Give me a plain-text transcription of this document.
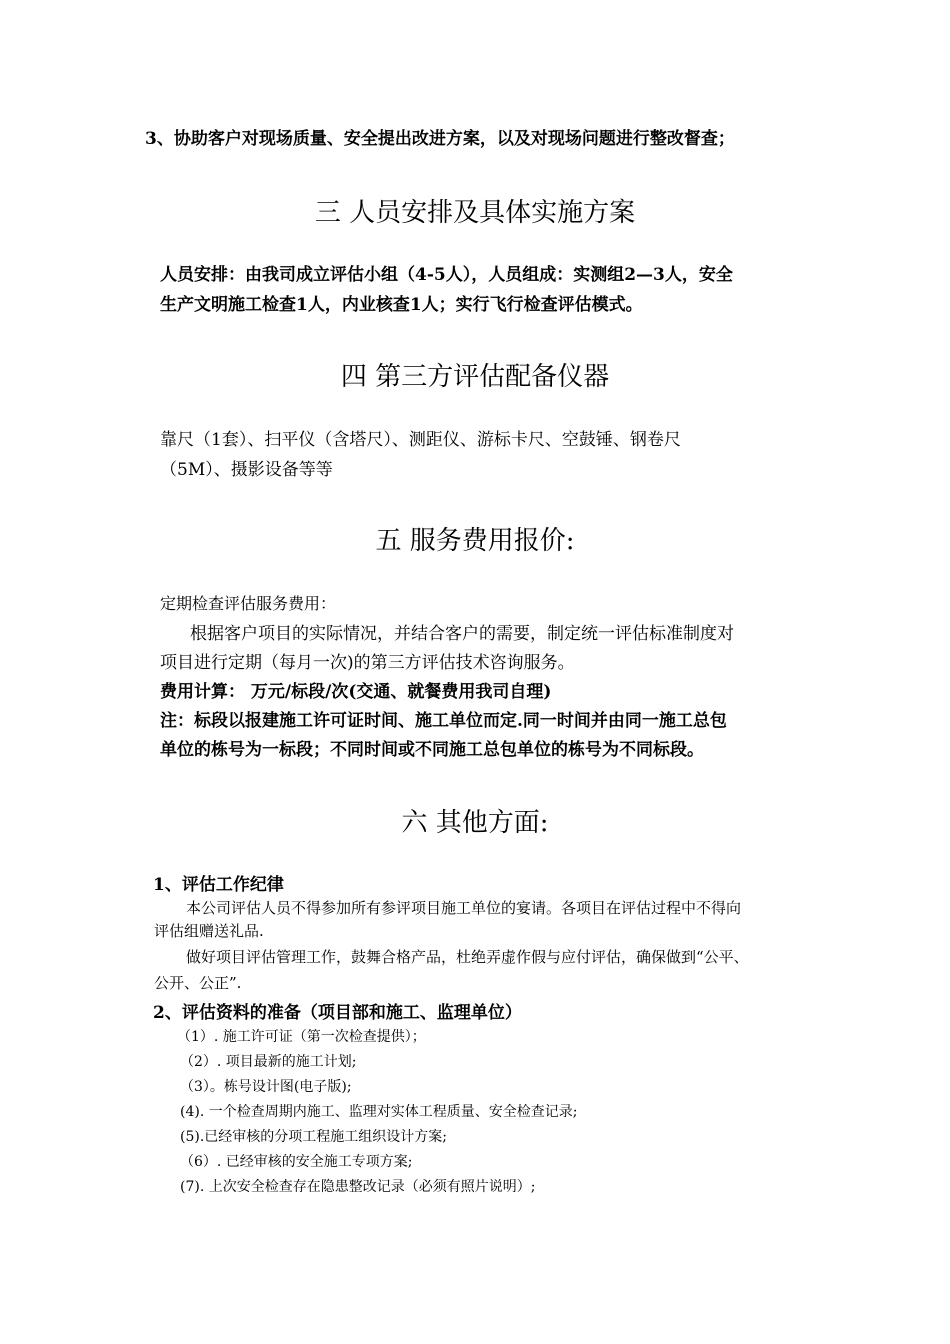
3、协助客户对现场质量、安全提出改进方案，以及对现场问题进行整改督查；
三 人员安排及具体实施方案
人员安排：由我司成立评估小组（4-5人），人员组成：实测组2—3人，安全
生产文明施工检查1人，内业核查1人；实行飞行检查评估模式。
四 第三方评估配备仪器
靠尺（1套）、扫平仪（含塔尺）、测距仪、游标卡尺、空鼓锤、钢卷尺
（5M）、摄影设备等等
五 服务费用报价:
定期检查评估服务费用：
根据客户项目的实际情况，并结合客户的需要，制定统一评估标准制度对
项目进行定期（每月一次)的第三方评估技术咨询服务。
费用计算： 万元/标段/次(交通、就餐费用我司自理)
注：标段以报建施工许可证时间、施工单位而定.同一时间并由同一施工总包
单位的栋号为一标段；不同时间或不同施工总包单位的栋号为不同标段。
六 其他方面:
1、评估工作纪律
本公司评估人员不得参加所有参评项目施工单位的宴请。各项目在评估过程中不得向
评估组赠送礼品.
做好项目评估管理工作，鼓舞合格产品，杜绝弄虚作假与应付评估，确保做到“公平、
公开、公正”.
2、评估资料的准备（项目部和施工、监理单位）
（1）. 施工许可证（第一次检查提供）；
（2）. 项目最新的施工计划;
（3）。栋号设计图(电子版);
(4). 一个检查周期内施工、监理对实体工程质量、安全检查记录;
(5).已经审核的分项工程施工组织设计方案;
（6）. 已经审核的安全施工专项方案;
(7). 上次安全检查存在隐患整改记录（必须有照片说明）;
